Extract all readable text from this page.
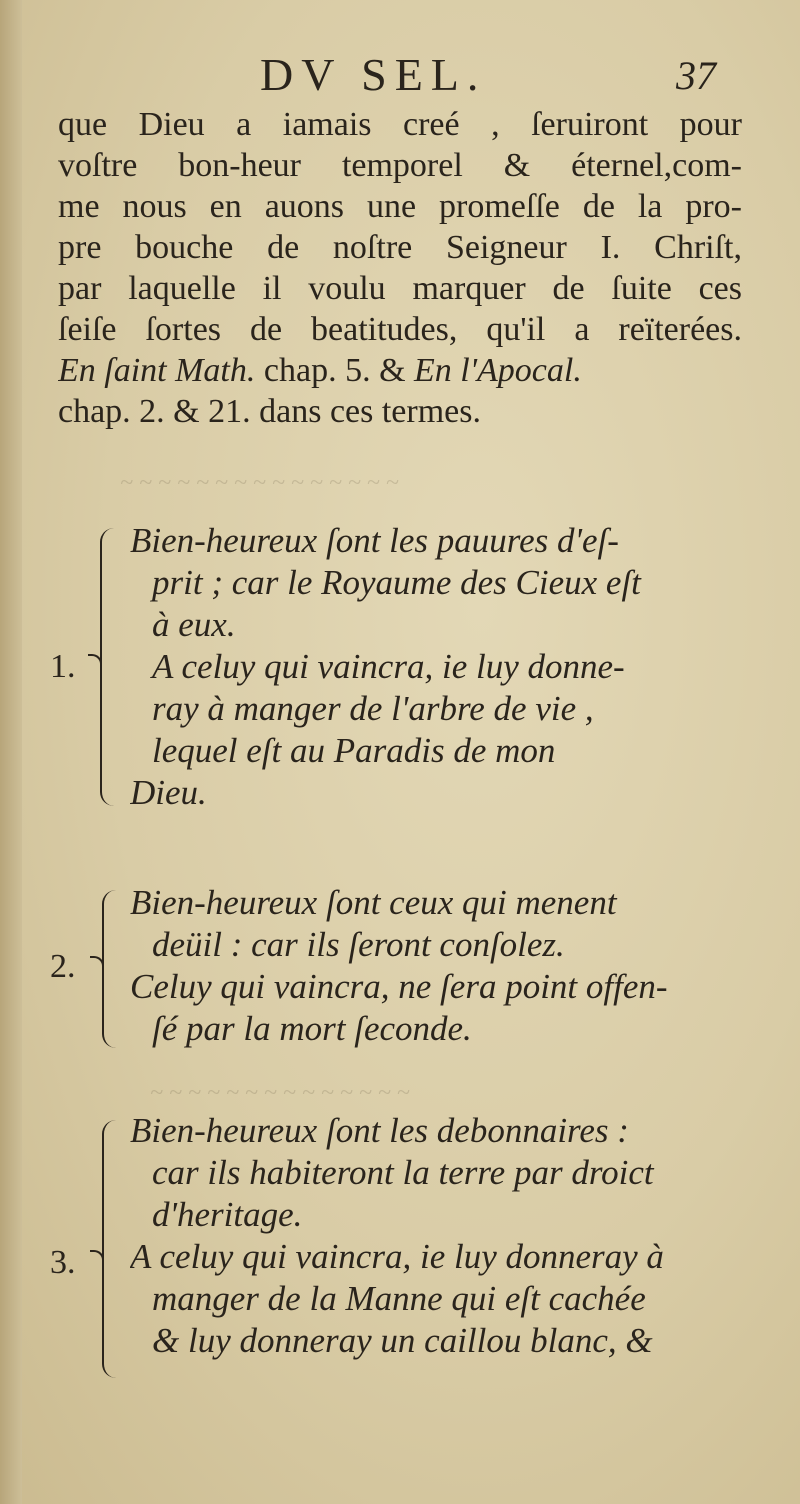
~ ~ ~ ~ ~ ~ ~ ~ ~ ~ ~ ~ ~ ~ ~
~ ~ ~ ~ ~ ~ ~ ~ ~ ~ ~ ~ ~ ~
DV SEL.	37
que Dieu a iamais creé , ſeruiront pour
voſtre bon-heur temporel & éternel,com-
me nous en auons une promeſſe de la pro-
pre bouche de noſtre Seigneur I. Chriſt,
par laquelle il voulu marquer de ſuite ces
ſeiſe ſortes de beatitudes, qu'il a reïterées.
En ſaint Math. chap. 5. & En l'Apocal.
chap. 2. & 21. dans ces termes.
1.
Bien-heureux ſont les pauures d'eſ-
prit ; car le Royaume des Cieux eſt
à eux.
A celuy qui vaincra, ie luy donne-
ray à manger de l'arbre de vie ,
lequel eſt au Paradis de mon
Dieu.
2.
Bien-heureux ſont ceux qui menent
deüil : car ils ſeront conſolez.
Celuy qui vaincra, ne ſera point offen-
ſé par la mort ſeconde.
3.
Bien-heureux ſont les debonnaires :
car ils habiteront la terre par droict
d'heritage.
A celuy qui vaincra, ie luy donneray à
manger de la Manne qui eſt cachée
& luy donneray un caillou blanc, &
